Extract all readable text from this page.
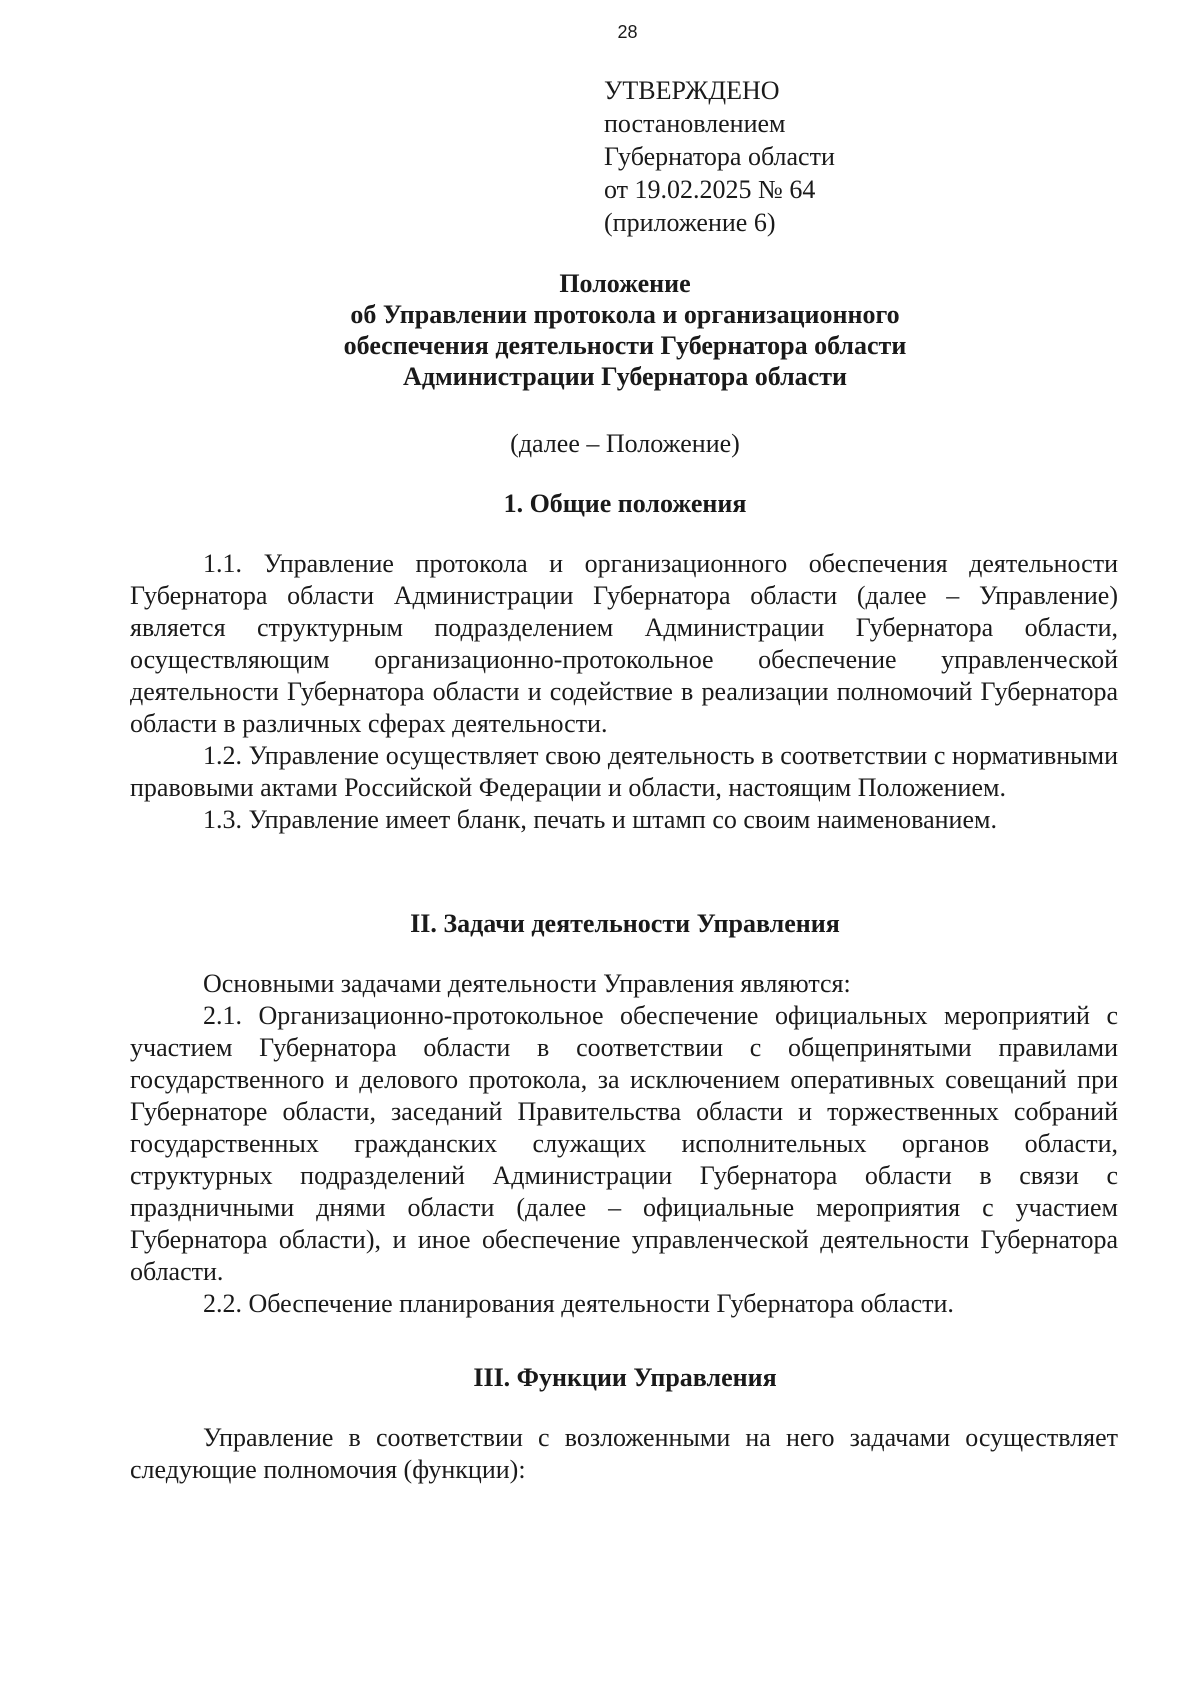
28
УТВЕРЖДЕНО
постановлением
Губернатора области
от 19.02.2025 № 64
(приложение 6)
Положение
об Управлении протокола и организационного
обеспечения деятельности Губернатора области
Администрации Губернатора области
(далее – Положение)
1. Общие положения

1.1. Управление протокола и организационного обеспечения деятельности Губернатора области Администрации Губернатора области (далее – Управление) является структурным подразделением Администрации Губернатора области, осуществляющим организационно-протокольное обеспечение управленческой деятельности Губернатора области и содействие в реализации полномочий Губернатора области в различных сферах деятельности.

1.2. Управление осуществляет свою деятельность в соответствии с нормативными правовыми актами Российской Федерации и области, настоящим Положением.

1.3. Управление имеет бланк, печать и штамп со своим наименованием.

II. Задачи деятельности Управления

Основными задачами деятельности Управления являются:

2.1. Организационно-протокольное обеспечение официальных мероприятий с участием Губернатора области в соответствии с общепринятыми правилами государственного и делового протокола, за исключением оперативных совещаний при Губернаторе области, заседаний Правительства области и торжественных собраний государственных гражданских служащих исполнительных органов области, структурных подразделений Администрации Губернатора области в связи с праздничными днями области (далее – официальные мероприятия с участием Губернатора области), и иное обеспечение управленческой деятельности Губернатора области.

2.2. Обеспечение планирования деятельности Губернатора области.

III. Функции Управления

Управление в соответствии с возложенными на него задачами осуществляет следующие полномочия (функции):
